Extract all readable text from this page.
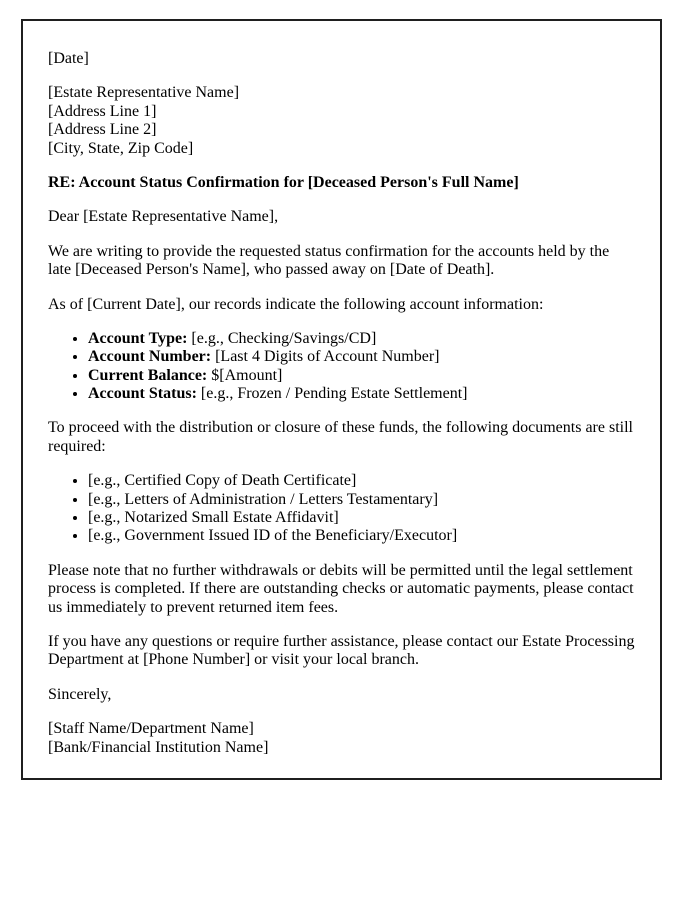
[Date]

[Estate Representative Name]
[Address Line 1]
[Address Line 2]
[City, State, Zip Code]

RE: Account Status Confirmation for [Deceased Person's Full Name]

Dear [Estate Representative Name],

We are writing to provide the requested status confirmation for the accounts held by the late [Deceased Person's Name], who passed away on [Date of Death].

As of [Current Date], our records indicate the following account information:

• Account Type: [e.g., Checking/Savings/CD]
• Account Number: [Last 4 Digits of Account Number]
• Current Balance: $[Amount]
• Account Status: [e.g., Frozen / Pending Estate Settlement]

To proceed with the distribution or closure of these funds, the following documents are still required:

• [e.g., Certified Copy of Death Certificate]
• [e.g., Letters of Administration / Letters Testamentary]
• [e.g., Notarized Small Estate Affidavit]
• [e.g., Government Issued ID of the Beneficiary/Executor]

Please note that no further withdrawals or debits will be permitted until the legal settlement process is completed. If there are outstanding checks or automatic payments, please contact us immediately to prevent returned item fees.

If you have any questions or require further assistance, please contact our Estate Processing Department at [Phone Number] or visit your local branch.

Sincerely,

[Staff Name/Department Name]
[Bank/Financial Institution Name]
